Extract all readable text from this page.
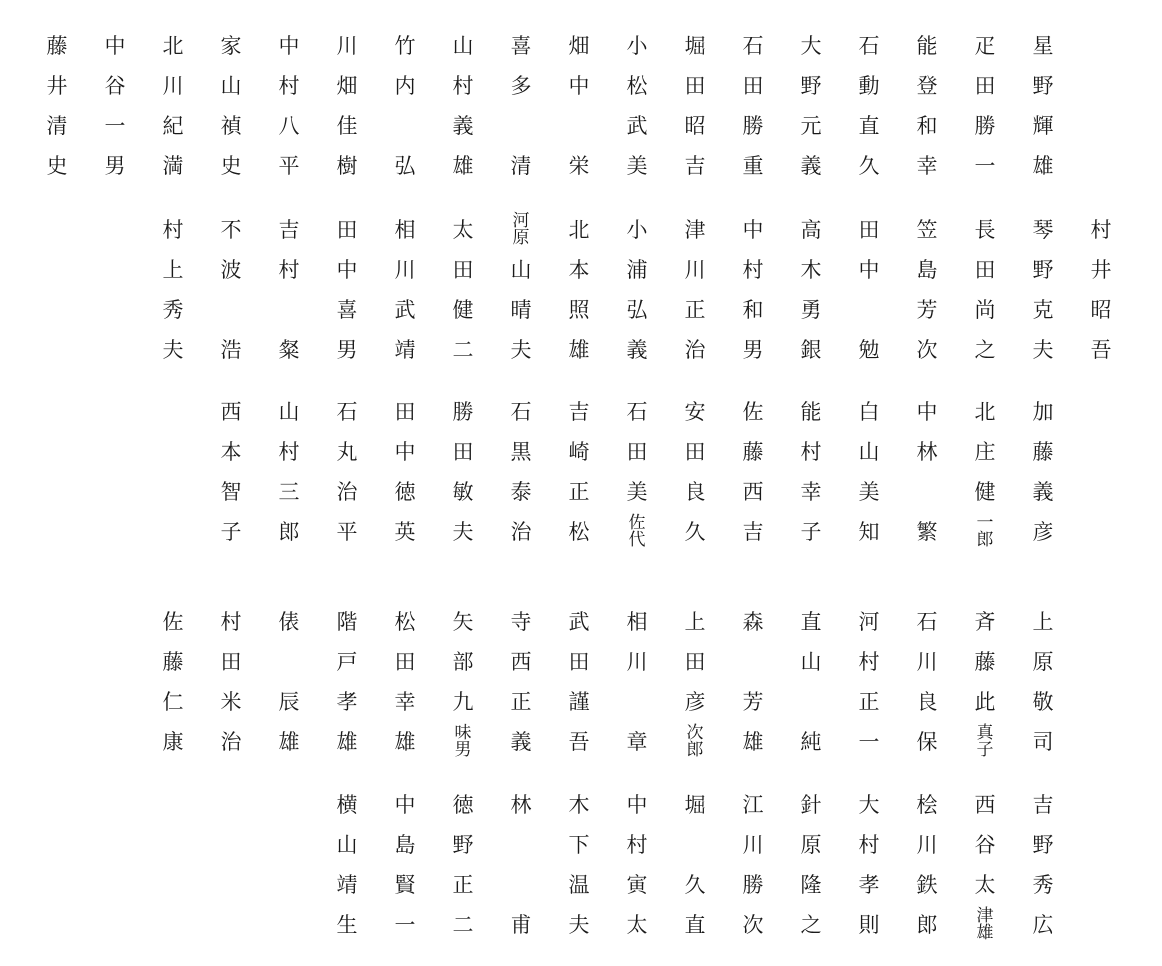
星
野
輝
雄
疋
田
勝
一
能
登
和
幸
石
動
直
久
大
野
元
義
石
田
勝
重
堀
田
昭
吉
小
松
武
美
畑
中
栄
喜
多
清
山
村
義
雄
竹
内
弘
川
畑
佳
樹
中
村
八
平
家
山
禎
史
北
川
紀
満
中
谷
一
男
藤
井
清
史
村
井
昭
吾
琴
野
克
夫
長
田
尚
之
笠
島
芳
次
田
中
勉
高
木
勇
銀
中
村
和
男
津
川
正
治
小
浦
弘
義
北
本
照
雄
河
原
山
晴
夫
太
田
健
二
相
川
武
靖
田
中
喜
男
吉
村
粲
不
波
浩
村
上
秀
夫
加
藤
義
彦
北
庄
健
一
郎
中
林
繁
白
山
美
知
能
村
幸
子
佐
藤
西
吉
安
田
良
久
石
田
美
佐
代
吉
崎
正
松
石
黒
泰
治
勝
田
敏
夫
田
中
徳
英
石
丸
治
平
山
村
三
郎
西
本
智
子
上
原
敬
司
斉
藤
此
真
子
石
川
良
保
河
村
正
一
直
山
純
森
芳
雄
上
田
彦
次
郎
相
川
章
武
田
謹
吾
寺
西
正
義
矢
部
九
味
男
松
田
幸
雄
階
戸
孝
雄
俵
辰
雄
村
田
米
治
佐
藤
仁
康
吉
野
秀
広
西
谷
太
津
雄
桧
川
鉄
郎
大
村
孝
則
針
原
隆
之
江
川
勝
次
堀
久
直
中
村
寅
太
木
下
温
夫
林
甫
徳
野
正
二
中
島
賢
一
横
山
靖
生
